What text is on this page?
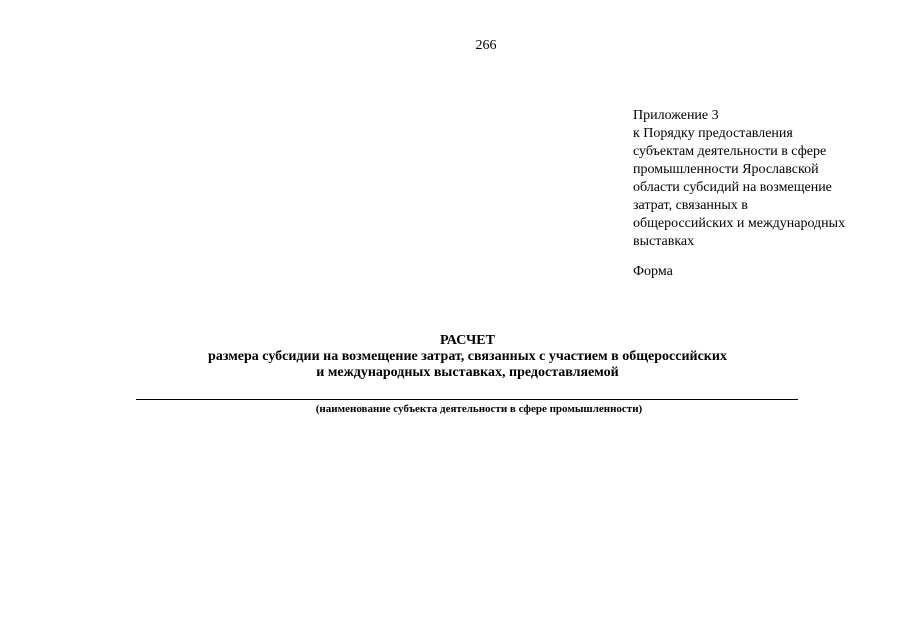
266
Приложение 3
к Порядку предоставления
субъектам деятельности в сфере
промышленности Ярославской
области субсидий на возмещение
затрат, связанных в
общероссийских и международных
выставках
Форма
РАСЧЕТ
размера субсидии на возмещение затрат, связанных с участием в общероссийских
и международных выставках, предоставляемой
(наименование субъекта деятельности в сфере промышленности)
